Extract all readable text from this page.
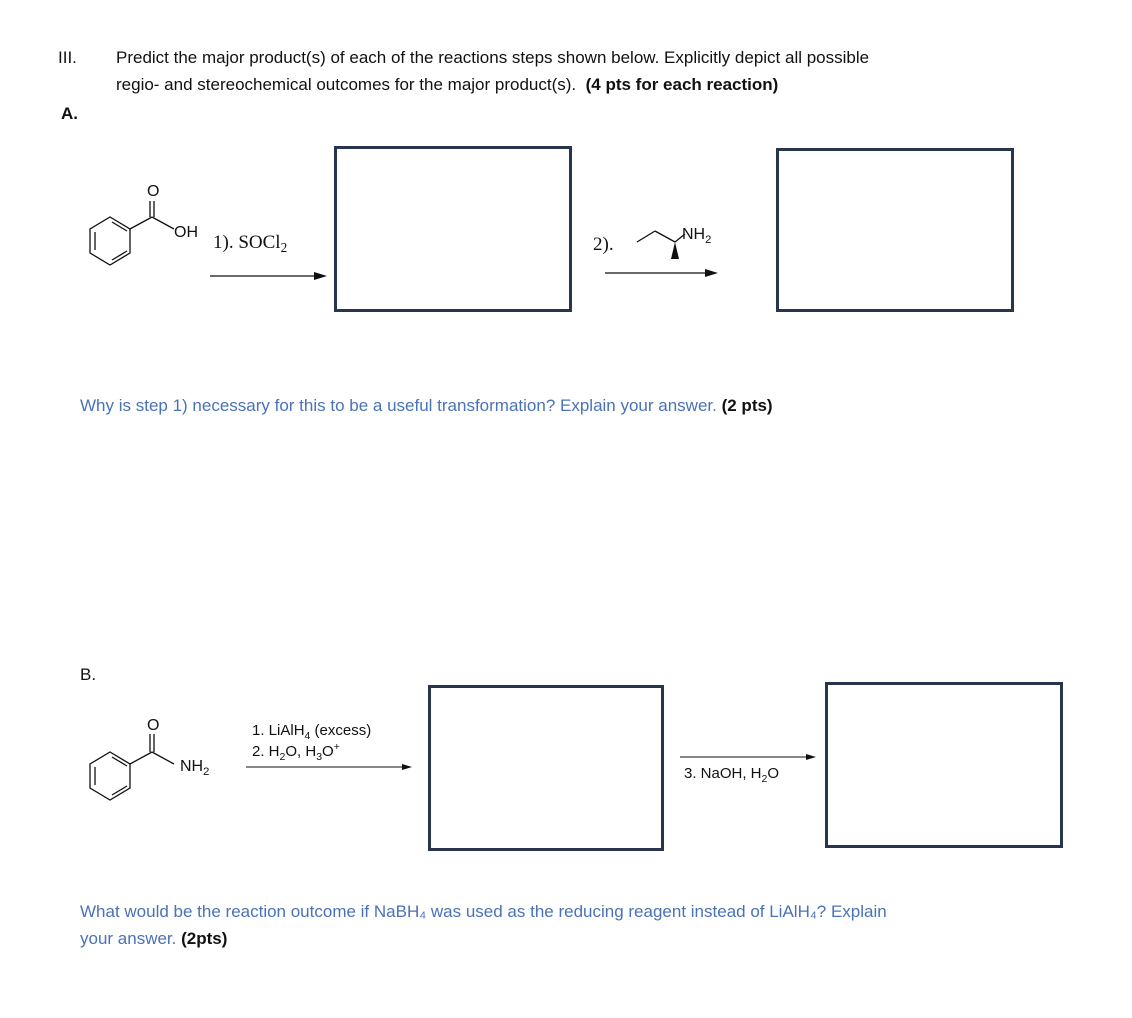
III. Predict the major product(s) of each of the reactions steps shown below. Explicitly depict all possible
regio- and stereochemical outcomes for the major product(s). (4 pts for each reaction)
A.
O
OH 1). SOCl$_2$	2).	$NH_2$
Why is step 1) necessary for this to be a useful transformation? Explain your answer. (2 pts)
B.
O
$NH_2$
1. LiAlH$_4$ (excess)
2. $H_2O$, $H_3O^+$
3. NaOH, $H_2O$
What would be the reaction outcome if NaBH₄ was used as the reducing reagent instead of LiAlH₄? Explain
your answer. (2pts)
